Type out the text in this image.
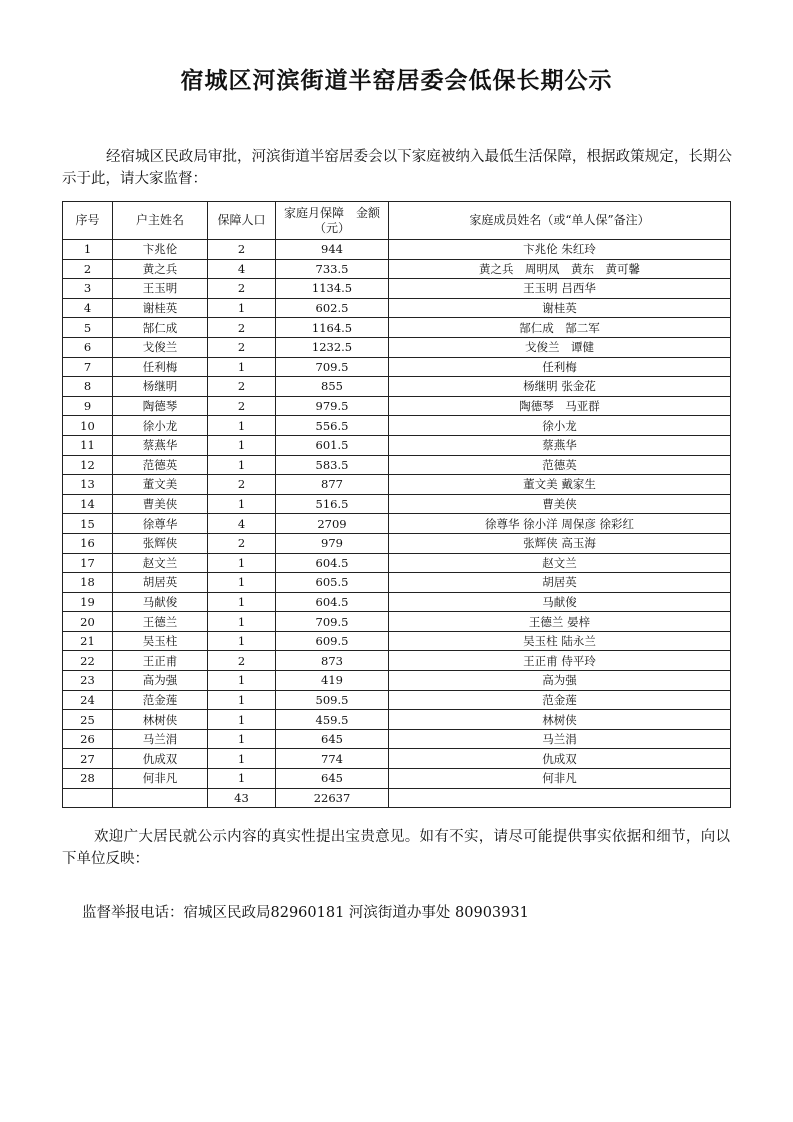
宿城区河滨街道半窑居委会低保长期公示

经宿城区民政局审批，河滨街道半窑居委会以下家庭被纳入最低生活保障，根据政策规定，长期公示于此，请大家监督：

序号	户主姓名	保障人口	家庭月保障　金额（元）	家庭成员姓名（或“单人保”备注）
1	卞兆伦	2	944	卞兆伦 朱红玲
2	黄之兵	4	733.5	黄之兵　周明凤　黄东　黄可馨
3	王玉明	2	1134.5	王玉明 吕西华
4	谢桂英	1	602.5	谢桂英
5	郜仁成	2	1164.5	郜仁成　郜二军
6	戈俊兰	2	1232.5	戈俊兰　谭健
7	任利梅	1	709.5	任利梅
8	杨继明	2	855	杨继明 张金花
9	陶德琴	2	979.5	陶德琴　马亚群
10	徐小龙	1	556.5	徐小龙
11	蔡燕华	1	601.5	蔡燕华
12	范德英	1	583.5	范德英
13	董文美	2	877	董文美 戴家生
14	曹美侠	1	516.5	曹美侠
15	徐尊华	4	2709	徐尊华 徐小洋 周保彦 徐彩红
16	张辉侠	2	979	张辉侠 高玉海
17	赵文兰	1	604.5	赵文兰
18	胡居英	1	605.5	胡居英
19	马献俊	1	604.5	马献俊
20	王德兰	1	709.5	王德兰 晏梓
21	吴玉柱	1	609.5	吴玉柱 陆永兰
22	王正甫	2	873	王正甫 侍平玲
23	高为强	1	419	高为强
24	范金莲	1	509.5	范金莲
25	林树侠	1	459.5	林树侠
26	马兰涓	1	645	马兰涓
27	仇成双	1	774	仇成双
28	何非凡	1	645	何非凡
		43	22637	

欢迎广大居民就公示内容的真实性提出宝贵意见。如有不实，请尽可能提供事实依据和细节，向以下单位反映：

监督举报电话：宿城区民政局82960181 河滨街道办事处 80903931
